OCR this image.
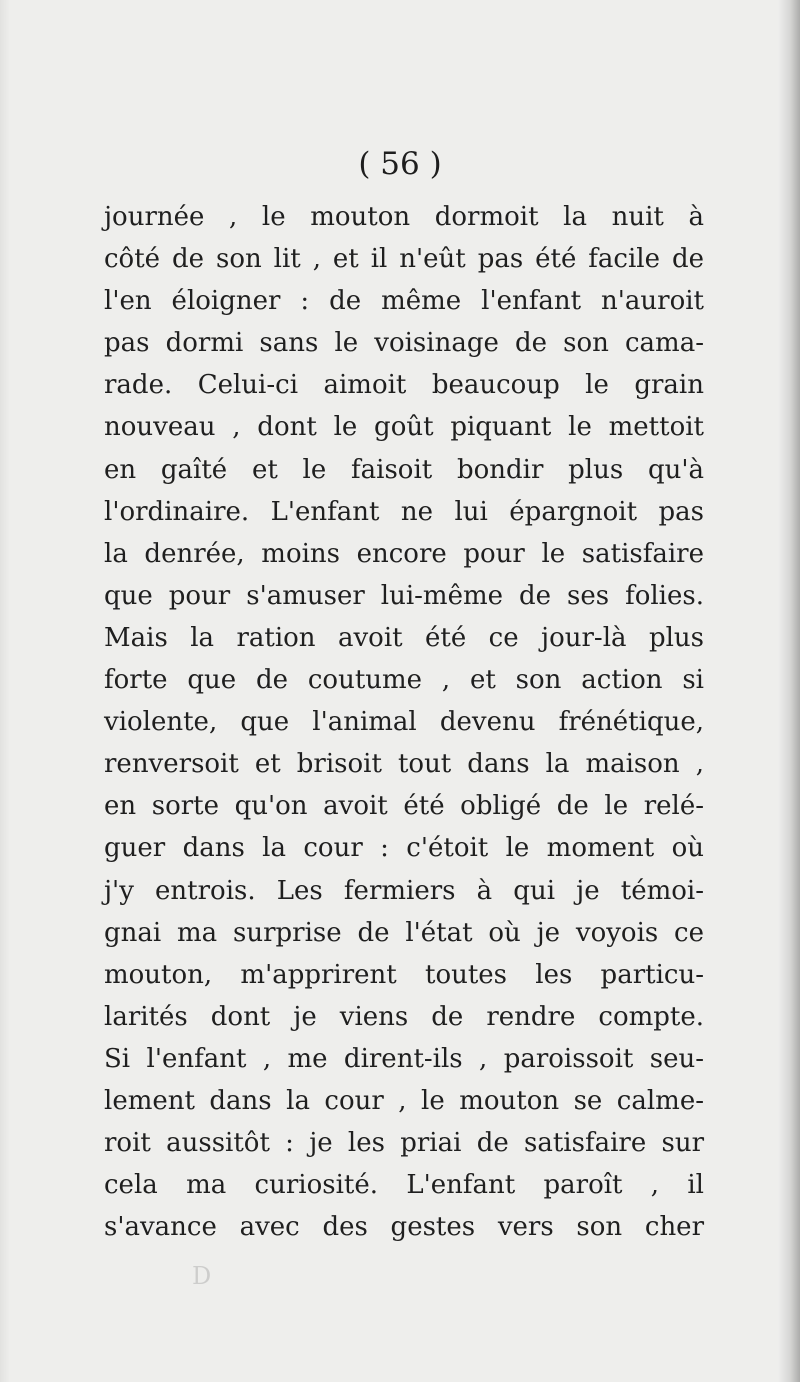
( 56 )

journée , le mouton dormoit la nuit à
côté de son lit , et il n'eût pas été facile de
l'en éloigner : de même l'enfant n'auroit
pas dormi sans le voisinage de son cama-
rade. Celui-ci aimoit beaucoup le grain
nouveau , dont le goût piquant le mettoit
en gaîté et le faisoit bondir plus qu'à
l'ordinaire. L'enfant ne lui épargnoit pas
la denrée, moins encore pour le satisfaire
que pour s'amuser lui-même de ses folies.
Mais la ration avoit été ce jour-là plus
forte que de coutume , et son action si
violente, que l'animal devenu frénétique,
renversoit et brisoit tout dans la maison ,
en sorte qu'on avoit été obligé de le relé-
guer dans la cour : c'étoit le moment où
j'y entrois. Les fermiers à qui je témoi-
gnai ma surprise de l'état où je voyois ce
mouton, m'apprirent toutes les particu-
larités dont je viens de rendre compte.
Si l'enfant , me dirent-ils , paroissoit seu-
lement dans la cour , le mouton se calme-
roit aussitôt : je les priai de satisfaire sur
cela ma curiosité. L'enfant paroît , il
s'avance avec des gestes vers son cher
D
